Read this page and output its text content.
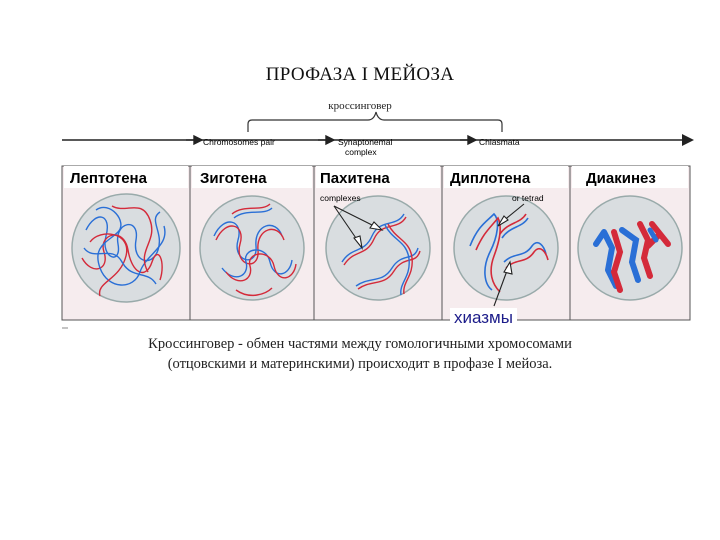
ПРОФАЗА I МЕЙОЗА
кроссинговер
Chromosomes pair	Synaptonemal
complex
Chiasmata
complexes	or tetrad
Лептотена	Зиготена	Пахитена	Диплотена	Диакинез
хиазмы
Кроссинговер - обмен частями между гомологичными хромосомами
(отцовскими и материнскими) происходит в профазе I мейоза.
